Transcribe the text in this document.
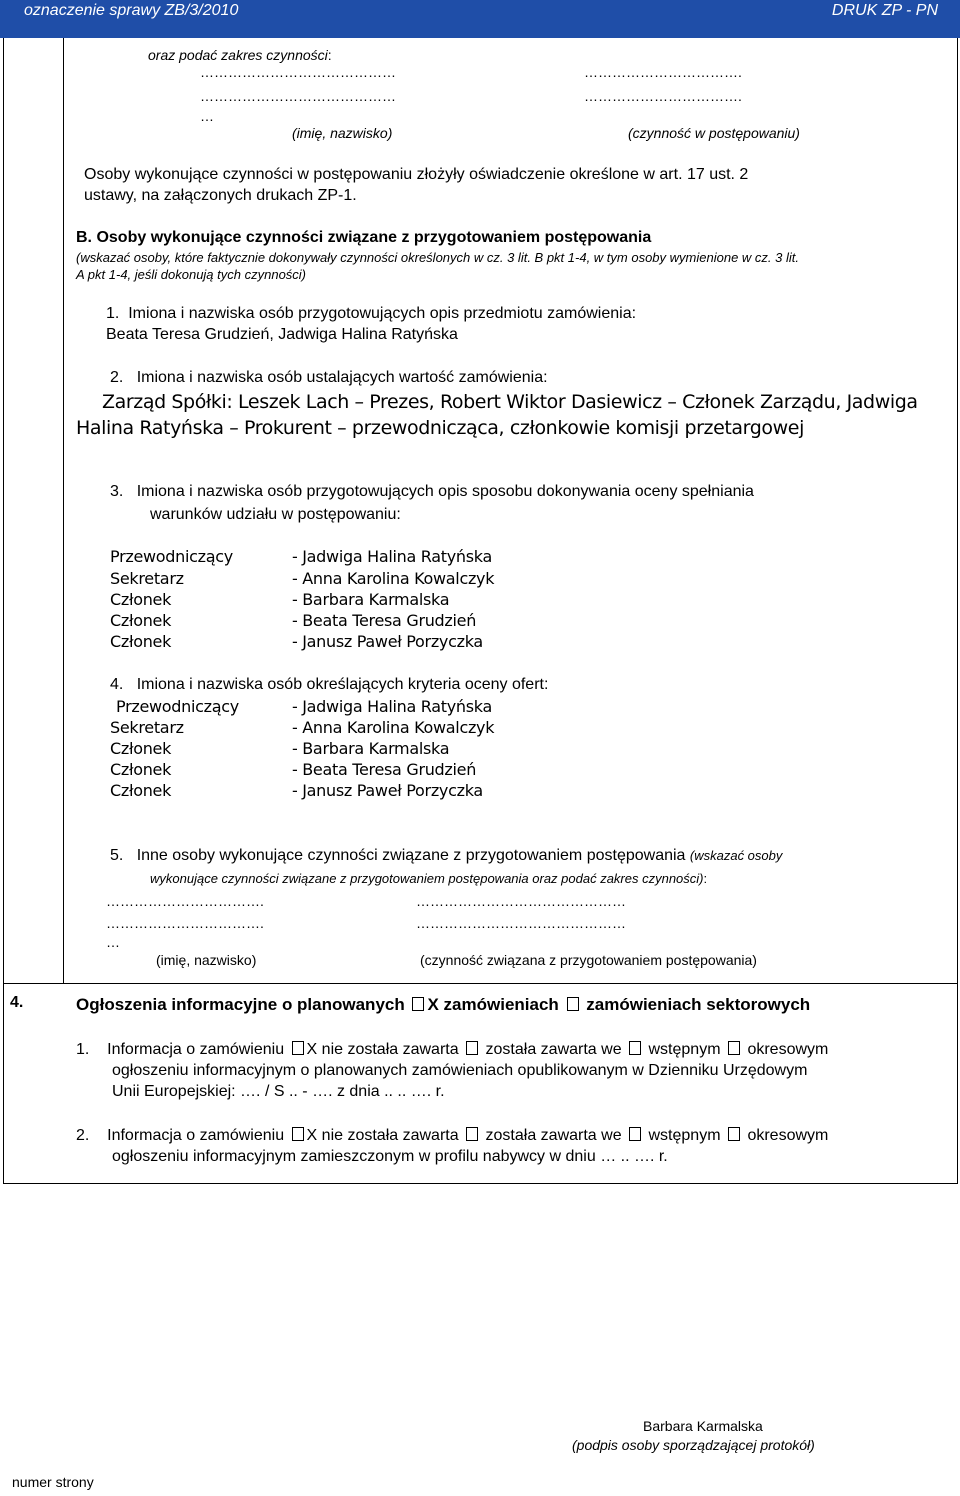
oznaczenie sprawy ZB/3/2010	DRUK ZP - PN
oraz podać zakres czynności:
……………………………………	…………………………….
……………………………………	…………………………….
…
(imię, nazwisko)	(czynność w postępowaniu)
Osoby wykonujące czynności w postępowaniu złożyły oświadczenie określone w art. 17 ust. 2
ustawy, na załączonych drukach ZP-1.
B. Osoby wykonujące czynności związane z przygotowaniem postępowania
(wskazać osoby, które faktycznie dokonywały czynności określonych w cz. 3 lit. B pkt 1-4, w tym osoby wymienione w cz. 3 lit.
A pkt 1-4, jeśli dokonują tych czynności)
1. Imiona i nazwiska osób przygotowujących opis przedmiotu zamówienia:
Beata Teresa Grudzień, Jadwiga Halina Ratyńska
2. Imiona i nazwiska osób ustalających wartość zamówienia:
Zarząd Spółki: Leszek Lach – Prezes, Robert Wiktor Dasiewicz – Członek Zarządu, Jadwiga
Halina Ratyńska – Prokurent – przewodnicząca, członkowie komisji przetargowej
3. Imiona i nazwiska osób przygotowujących opis sposobu dokonywania oceny spełniania
warunków udziału w postępowaniu:
Przewodniczący	- Jadwiga Halina Ratyńska
Sekretarz	- Anna Karolina Kowalczyk
Członek	- Barbara Karmalska
Członek	- Beata Teresa Grudzień
Członek	- Janusz Paweł Porzyczka
4. Imiona i nazwiska osób określających kryteria oceny ofert:
Przewodniczący	- Jadwiga Halina Ratyńska
Sekretarz	- Anna Karolina Kowalczyk
Członek	- Barbara Karmalska
Członek	- Beata Teresa Grudzień
Członek	- Janusz Paweł Porzyczka
5. Inne osoby wykonujące czynności związane z przygotowaniem postępowania (wskazać osoby
wykonujące czynności związane z przygotowaniem postępowania oraz podać zakres czynności):
…………………………….	………………………………………
…………………………….	………………………………………
…
(imię, nazwisko)	(czynność związana z przygotowaniem postępowania)
4.	Ogłoszenia informacyjne o planowanych X zamówieniach zamówieniach sektorowych
1. Informacja o zamówieniu X nie została zawarta została zawarta we wstępnym okresowym
ogłoszeniu informacyjnym o planowanych zamówieniach opublikowanym w Dzienniku Urzędowym
Unii Europejskiej: …. / S .. - …. z dnia .. .. …. r.
2. Informacja o zamówieniu X nie została zawarta została zawarta we wstępnym okresowym
ogłoszeniu informacyjnym zamieszczonym w profilu nabywcy w dniu … .. …. r.
Barbara Karmalska
(podpis osoby sporządzającej protokół)
numer strony
